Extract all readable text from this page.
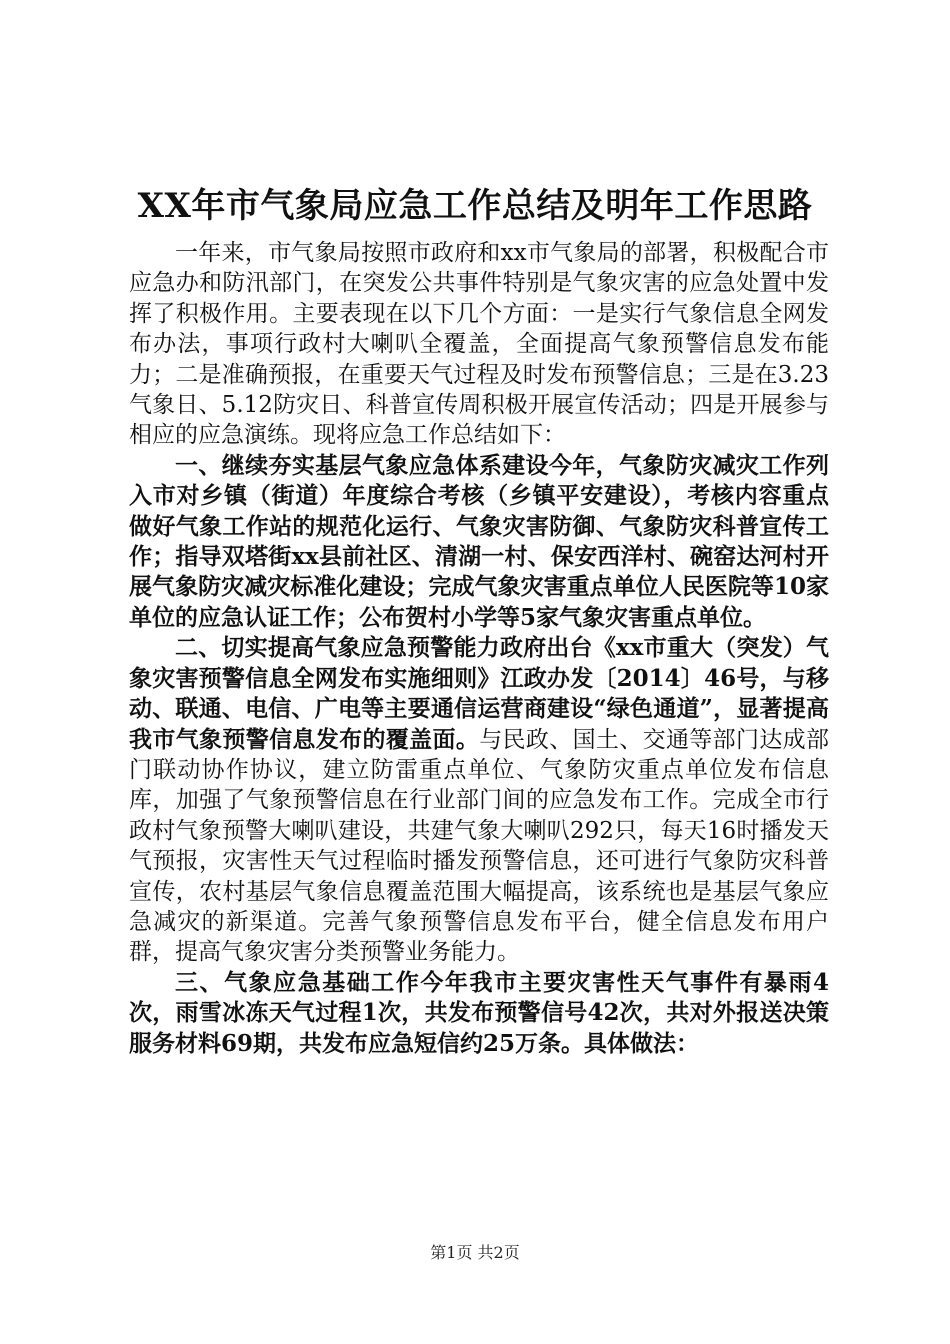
XX年市气象局应急工作总结及明年工作思路

一年来，市气象局按照市政府和xx市气象局的部署，积极配合市应急办和防汛部门，在突发公共事件特别是气象灾害的应急处置中发挥了积极作用。主要表现在以下几个方面：一是实行气象信息全网发布办法，事项行政村大喇叭全覆盖，全面提高气象预警信息发布能力；二是准确预报，在重要天气过程及时发布预警信息；三是在3.23气象日、5.12防灾日、科普宣传周积极开展宣传活动；四是开展参与相应的应急演练。现将应急工作总结如下：

一、继续夯实基层气象应急体系建设今年，气象防灾减灾工作列入市对乡镇（街道）年度综合考核（乡镇平安建设），考核内容重点做好气象工作站的规范化运行、气象灾害防御、气象防灾科普宣传工作；指导双塔街xx县前社区、清湖一村、保安西洋村、碗窑达河村开展气象防灾减灾标准化建设；完成气象灾害重点单位人民医院等10家单位的应急认证工作；公布贺村小学等5家气象灾害重点单位。

二、切实提高气象应急预警能力政府出台《xx市重大（突发）气象灾害预警信息全网发布实施细则》江政办发〔2014〕46号，与移动、联通、电信、广电等主要通信运营商建设“绿色通道”，显著提高我市气象预警信息发布的覆盖面。与民政、国土、交通等部门达成部门联动协作协议，建立防雷重点单位、气象防灾重点单位发布信息库，加强了气象预警信息在行业部门间的应急发布工作。完成全市行政村气象预警大喇叭建设，共建气象大喇叭292只，每天16时播发天气预报，灾害性天气过程临时播发预警信息，还可进行气象防灾科普宣传，农村基层气象信息覆盖范围大幅提高，该系统也是基层气象应急减灾的新渠道。完善气象预警信息发布平台，健全信息发布用户群，提高气象灾害分类预警业务能力。

三、气象应急基础工作今年我市主要灾害性天气事件有暴雨4次，雨雪冰冻天气过程1次，共发布预警信号42次，共对外报送决策服务材料69期，共发布应急短信约25万条。具体做法：

第1页 共2页
